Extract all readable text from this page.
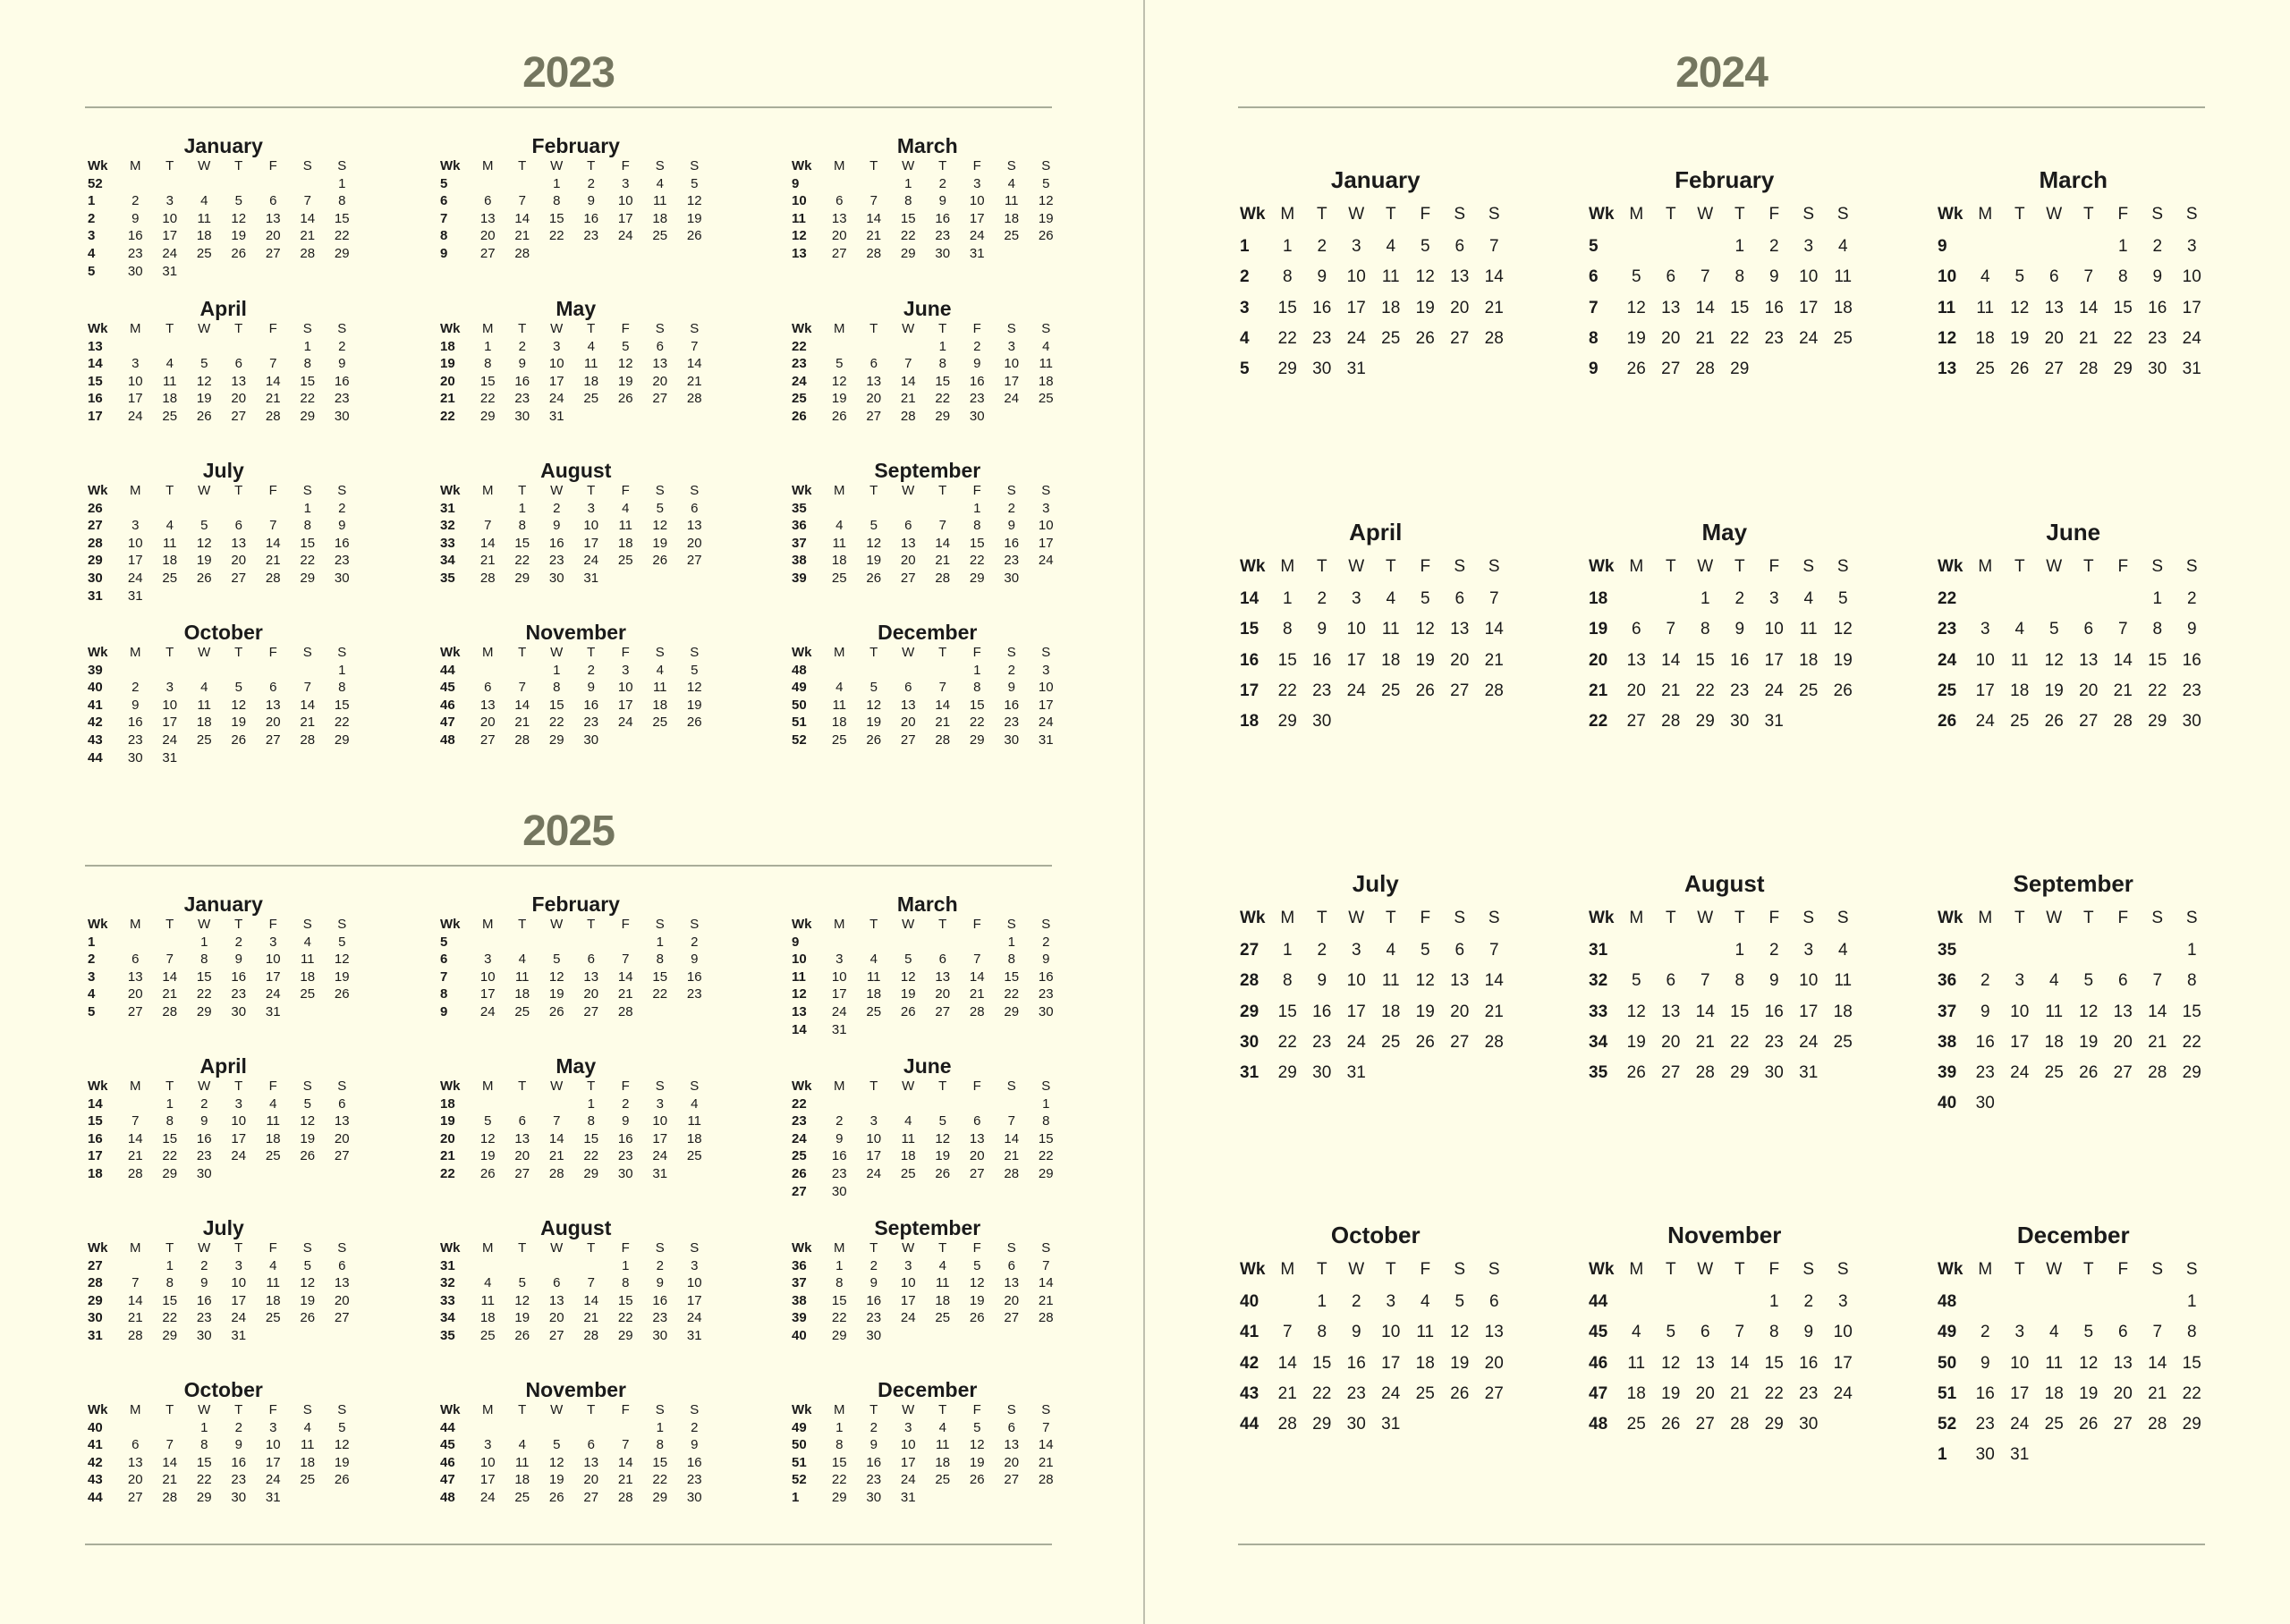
2023
January
Wk	M	T	W	T	F	S	S
52							1
1	2	3	4	5	6	7	8
2	9	10	11	12	13	14	15
3	16	17	18	19	20	21	22
4	23	24	25	26	27	28	29
5	30	31					
February
Wk	M	T	W	T	F	S	S
5			1	2	3	4	5
6	6	7	8	9	10	11	12
7	13	14	15	16	17	18	19
8	20	21	22	23	24	25	26
9	27	28					
March
Wk	M	T	W	T	F	S	S
9			1	2	3	4	5
10	6	7	8	9	10	11	12
11	13	14	15	16	17	18	19
12	20	21	22	23	24	25	26
13	27	28	29	30	31		
April
Wk	M	T	W	T	F	S	S
13						1	2
14	3	4	5	6	7	8	9
15	10	11	12	13	14	15	16
16	17	18	19	20	21	22	23
17	24	25	26	27	28	29	30
May
Wk	M	T	W	T	F	S	S
18	1	2	3	4	5	6	7
19	8	9	10	11	12	13	14
20	15	16	17	18	19	20	21
21	22	23	24	25	26	27	28
22	29	30	31				
June
Wk	M	T	W	T	F	S	S
22				1	2	3	4
23	5	6	7	8	9	10	11
24	12	13	14	15	16	17	18
25	19	20	21	22	23	24	25
26	26	27	28	29	30		
July
Wk	M	T	W	T	F	S	S
26						1	2
27	3	4	5	6	7	8	9
28	10	11	12	13	14	15	16
29	17	18	19	20	21	22	23
30	24	25	26	27	28	29	30
31	31						
August
Wk	M	T	W	T	F	S	S
31		1	2	3	4	5	6
32	7	8	9	10	11	12	13
33	14	15	16	17	18	19	20
34	21	22	23	24	25	26	27
35	28	29	30	31			
September
Wk	M	T	W	T	F	S	S
35					1	2	3
36	4	5	6	7	8	9	10
37	11	12	13	14	15	16	17
38	18	19	20	21	22	23	24
39	25	26	27	28	29	30	
October
Wk	M	T	W	T	F	S	S
39							1
40	2	3	4	5	6	7	8
41	9	10	11	12	13	14	15
42	16	17	18	19	20	21	22
43	23	24	25	26	27	28	29
44	30	31					
November
Wk	M	T	W	T	F	S	S
44			1	2	3	4	5
45	6	7	8	9	10	11	12
46	13	14	15	16	17	18	19
47	20	21	22	23	24	25	26
48	27	28	29	30			
December
Wk	M	T	W	T	F	S	S
48					1	2	3
49	4	5	6	7	8	9	10
50	11	12	13	14	15	16	17
51	18	19	20	21	22	23	24
52	25	26	27	28	29	30	31
2025
January
Wk	M	T	W	T	F	S	S
1			1	2	3	4	5
2	6	7	8	9	10	11	12
3	13	14	15	16	17	18	19
4	20	21	22	23	24	25	26
5	27	28	29	30	31		
February
Wk	M	T	W	T	F	S	S
5						1	2
6	3	4	5	6	7	8	9
7	10	11	12	13	14	15	16
8	17	18	19	20	21	22	23
9	24	25	26	27	28		
March
Wk	M	T	W	T	F	S	S
9						1	2
10	3	4	5	6	7	8	9
11	10	11	12	13	14	15	16
12	17	18	19	20	21	22	23
13	24	25	26	27	28	29	30
14	31						
April
Wk	M	T	W	T	F	S	S
14		1	2	3	4	5	6
15	7	8	9	10	11	12	13
16	14	15	16	17	18	19	20
17	21	22	23	24	25	26	27
18	28	29	30				
May
Wk	M	T	W	T	F	S	S
18				1	2	3	4
19	5	6	7	8	9	10	11
20	12	13	14	15	16	17	18
21	19	20	21	22	23	24	25
22	26	27	28	29	30	31	
June
Wk	M	T	W	T	F	S	S
22							1
23	2	3	4	5	6	7	8
24	9	10	11	12	13	14	15
25	16	17	18	19	20	21	22
26	23	24	25	26	27	28	29
27	30						
July
Wk	M	T	W	T	F	S	S
27		1	2	3	4	5	6
28	7	8	9	10	11	12	13
29	14	15	16	17	18	19	20
30	21	22	23	24	25	26	27
31	28	29	30	31			
August
Wk	M	T	W	T	F	S	S
31					1	2	3
32	4	5	6	7	8	9	10
33	11	12	13	14	15	16	17
34	18	19	20	21	22	23	24
35	25	26	27	28	29	30	31
September
Wk	M	T	W	T	F	S	S
36	1	2	3	4	5	6	7
37	8	9	10	11	12	13	14
38	15	16	17	18	19	20	21
39	22	23	24	25	26	27	28
40	29	30					
October
Wk	M	T	W	T	F	S	S
40			1	2	3	4	5
41	6	7	8	9	10	11	12
42	13	14	15	16	17	18	19
43	20	21	22	23	24	25	26
44	27	28	29	30	31		
November
Wk	M	T	W	T	F	S	S
44						1	2
45	3	4	5	6	7	8	9
46	10	11	12	13	14	15	16
47	17	18	19	20	21	22	23
48	24	25	26	27	28	29	30
December
Wk	M	T	W	T	F	S	S
49	1	2	3	4	5	6	7
50	8	9	10	11	12	13	14
51	15	16	17	18	19	20	21
52	22	23	24	25	26	27	28
1	29	30	31				
2024
January
Wk	M	T	W	T	F	S	S
1	1	2	3	4	5	6	7
2	8	9	10	11	12	13	14
3	15	16	17	18	19	20	21
4	22	23	24	25	26	27	28
5	29	30	31				
February
Wk	M	T	W	T	F	S	S
5				1	2	3	4
6	5	6	7	8	9	10	11
7	12	13	14	15	16	17	18
8	19	20	21	22	23	24	25
9	26	27	28	29			
March
Wk	M	T	W	T	F	S	S
9					1	2	3
10	4	5	6	7	8	9	10
11	11	12	13	14	15	16	17
12	18	19	20	21	22	23	24
13	25	26	27	28	29	30	31
April
Wk	M	T	W	T	F	S	S
14	1	2	3	4	5	6	7
15	8	9	10	11	12	13	14
16	15	16	17	18	19	20	21
17	22	23	24	25	26	27	28
18	29	30					
May
Wk	M	T	W	T	F	S	S
18			1	2	3	4	5
19	6	7	8	9	10	11	12
20	13	14	15	16	17	18	19
21	20	21	22	23	24	25	26
22	27	28	29	30	31		
June
Wk	M	T	W	T	F	S	S
22						1	2
23	3	4	5	6	7	8	9
24	10	11	12	13	14	15	16
25	17	18	19	20	21	22	23
26	24	25	26	27	28	29	30
July
Wk	M	T	W	T	F	S	S
27	1	2	3	4	5	6	7
28	8	9	10	11	12	13	14
29	15	16	17	18	19	20	21
30	22	23	24	25	26	27	28
31	29	30	31				
August
Wk	M	T	W	T	F	S	S
31				1	2	3	4
32	5	6	7	8	9	10	11
33	12	13	14	15	16	17	18
34	19	20	21	22	23	24	25
35	26	27	28	29	30	31	
September
Wk	M	T	W	T	F	S	S
35							1
36	2	3	4	5	6	7	8
37	9	10	11	12	13	14	15
38	16	17	18	19	20	21	22
39	23	24	25	26	27	28	29
40	30						
October
Wk	M	T	W	T	F	S	S
40		1	2	3	4	5	6
41	7	8	9	10	11	12	13
42	14	15	16	17	18	19	20
43	21	22	23	24	25	26	27
44	28	29	30	31			
November
Wk	M	T	W	T	F	S	S
44					1	2	3
45	4	5	6	7	8	9	10
46	11	12	13	14	15	16	17
47	18	19	20	21	22	23	24
48	25	26	27	28	29	30	
December
Wk	M	T	W	T	F	S	S
48							1
49	2	3	4	5	6	7	8
50	9	10	11	12	13	14	15
51	16	17	18	19	20	21	22
52	23	24	25	26	27	28	29
1	30	31					
